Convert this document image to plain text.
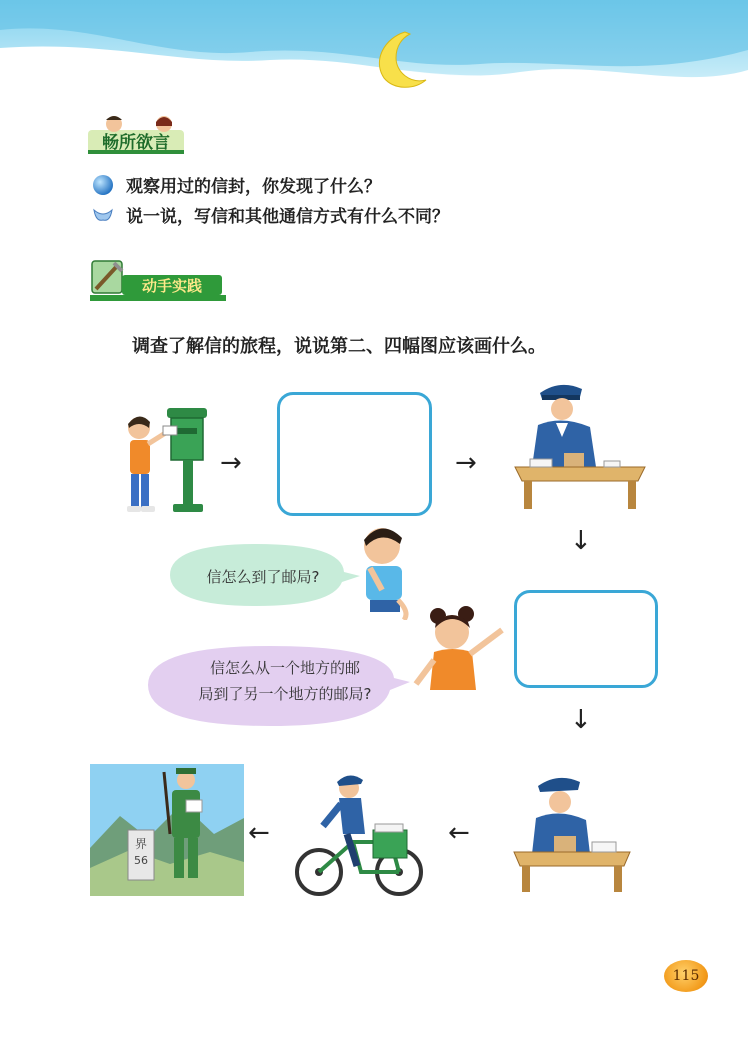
畅所欲言
观察用过的信封，你发现了什么？
说一说，写信和其他通信方式有什么不同？
动手实践
调查了解信的旅程，说说第二、四幅图应该画什么。
→	→
↓
信怎么到了邮局?
信怎么从一个地方的邮
局到了另一个地方的邮局?
↓
界
56
←	←
115
